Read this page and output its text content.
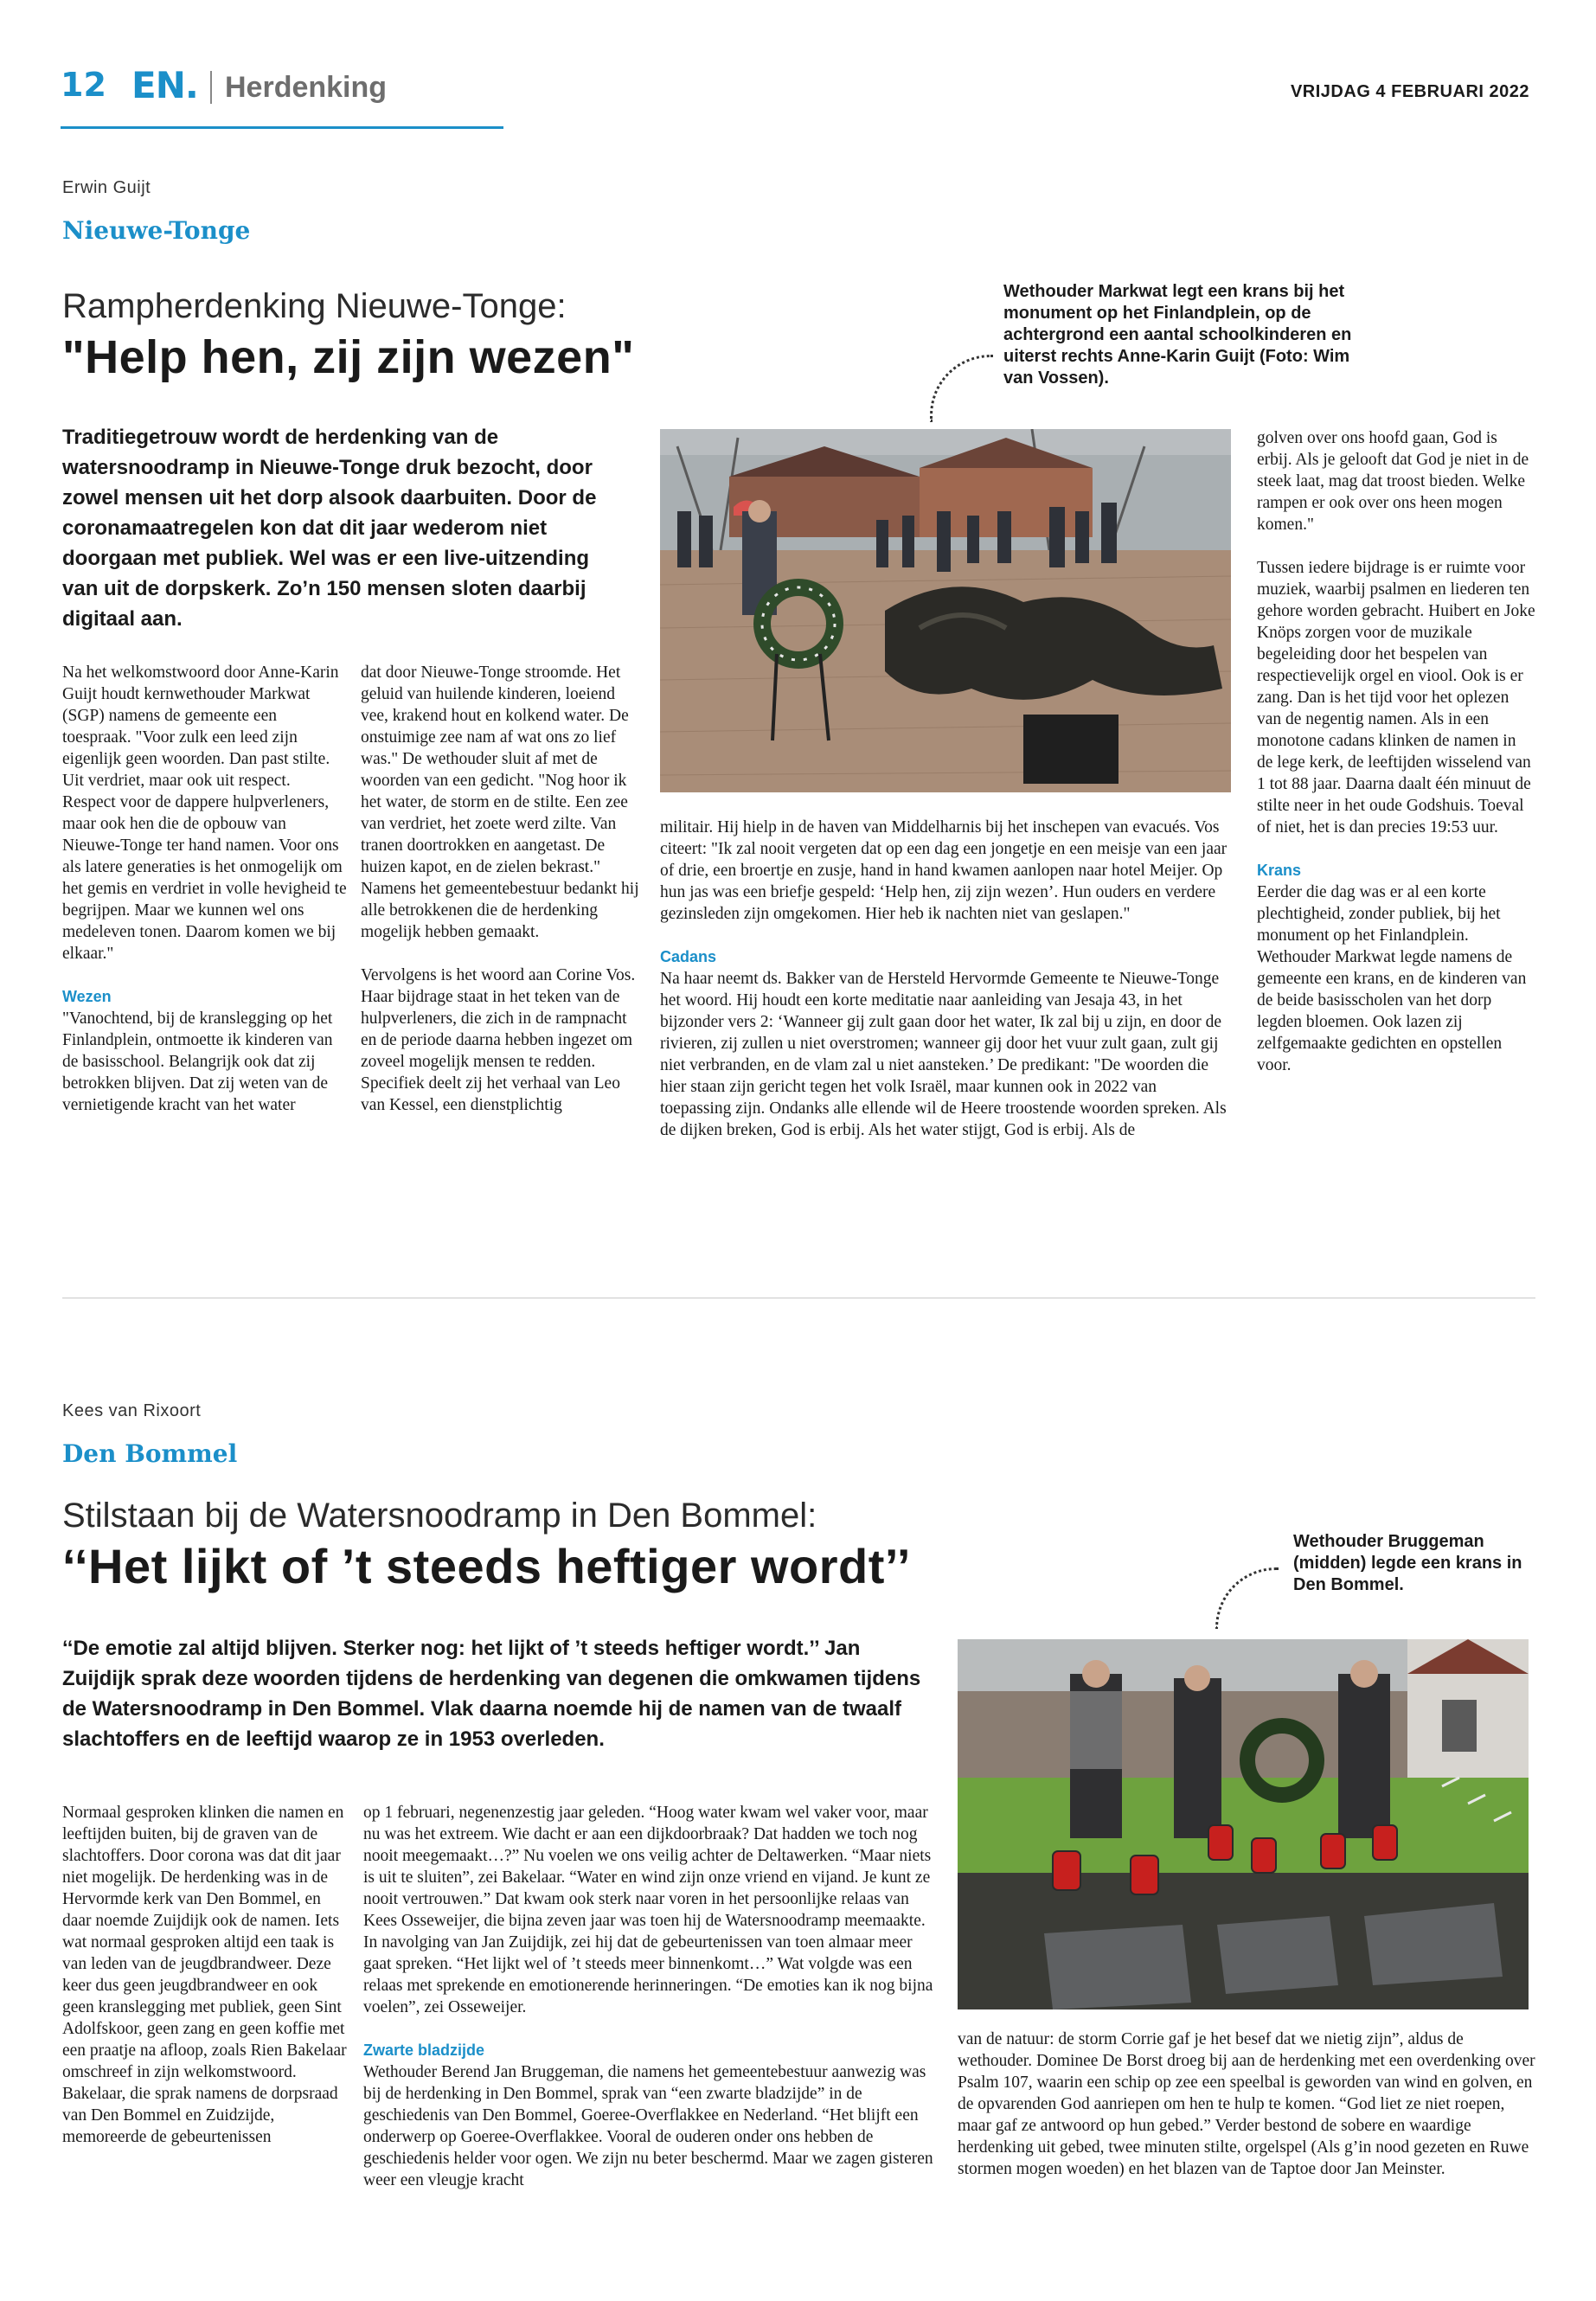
12 EN. Herdenking	VRIJDAG 4 FEBRUARI 2022
Erwin Guijt
Nieuwe-Tonge
Rampherdenking Nieuwe-Tonge:
"Help hen, zij zijn wezen"
Wethouder Markwat legt een krans bij het monument op het Finlandplein, op de achtergrond een aantal schoolkinderen en uiterst rechts Anne-Karin Guijt (Foto: Wim van Vossen).
Traditiegetrouw wordt de herdenking van de watersnoodramp in Nieuwe-Tonge druk bezocht, door zowel mensen uit het dorp alsook daarbuiten. Door de coronamaatregelen kon dat dit jaar wederom niet doorgaan met publiek. Wel was er een live-uitzending van uit de dorpskerk. Zo’n 150 mensen sloten daarbij digitaal aan.

Na het welkomstwoord door Anne-Karin Guijt houdt kernwethouder Markwat (SGP) namens de gemeente een toespraak. "Voor zulk een leed zijn eigenlijk geen woorden. Dan past stilte. Uit verdriet, maar ook uit respect. Respect voor de dappere hulpverleners, maar ook hen die de opbouw van Nieuwe-Tonge ter hand namen. Voor ons als latere generaties is het onmogelijk om het gemis en verdriet in volle hevigheid te begrijpen. Maar we kunnen wel ons medeleven tonen. Daarom komen we bij elkaar."

Wezen

"Vanochtend, bij de kranslegging op het Finlandplein, ontmoette ik kinderen van de basisschool. Belangrijk ook dat zij betrokken blijven. Dat zij weten van de vernietigende kracht van het water

dat door Nieuwe-Tonge stroomde. Het geluid van huilende kinderen, loeiend vee, krakend hout en kolkend water. De onstuimige zee nam af wat ons zo lief was." De wethouder sluit af met de woorden van een gedicht. "Nog hoor ik het water, de storm en de stilte. Een zee van verdriet, het zoete werd zilte. Van tranen doortrokken en aangetast. De huizen kapot, en de zielen bekrast." Namens het gemeentebestuur bedankt hij alle betrokkenen die de herdenking mogelijk hebben gemaakt.

Vervolgens is het woord aan Corine Vos. Haar bijdrage staat in het teken van de hulpverleners, die zich in de rampnacht en de periode daarna hebben ingezet om zoveel mogelijk mensen te redden. Specifiek deelt zij het verhaal van Leo van Kessel, een dienstplichtig

militair. Hij hielp in de haven van Middelharnis bij het inschepen van evacués. Vos citeert: "Ik zal nooit vergeten dat op een dag een jongetje en een meisje van een jaar of drie, een broertje en zusje, hand in hand kwamen aanlopen naar hotel Meijer. Op hun jas was een briefje gespeld: ‘Help hen, zij zijn wezen’. Hun ouders en verdere gezinsleden zijn omgekomen. Hier heb ik nachten niet van geslapen."

Cadans

Na haar neemt ds. Bakker van de Hersteld Hervormde Gemeente te Nieuwe-Tonge het woord. Hij houdt een korte meditatie naar aanleiding van Jesaja 43, in het bijzonder vers 2: ‘Wanneer gij zult gaan door het water, Ik zal bij u zijn, en door de rivieren, zij zullen u niet overstromen; wanneer gij door het vuur zult gaan, zult gij niet verbranden, en de vlam zal u niet aansteken.’ De predikant: "De woorden die hier staan zijn gericht tegen het volk Israël, maar kunnen ook in 2022 van toepassing zijn. Ondanks alle ellende wil de Heere troostende woorden spreken. Als de dijken breken, God is erbij. Als het water stijgt, God is erbij. Als de

golven over ons hoofd gaan, God is erbij. Als je gelooft dat God je niet in de steek laat, mag dat troost bieden. Welke rampen er ook over ons heen mogen komen."

Tussen iedere bijdrage is er ruimte voor muziek, waarbij psalmen en liederen ten gehore worden gebracht. Huibert en Joke Knöps zorgen voor de muzikale begeleiding door het bespelen van respectievelijk orgel en viool. Ook is er zang. Dan is het tijd voor het oplezen van de negentig namen. Als in een monotone cadans klinken de namen in de lege kerk, de leeftijden wisselend van 1 tot 88 jaar. Daarna daalt één minuut de stilte neer in het oude Godshuis. Toeval of niet, het is dan precies 19:53 uur.

Krans

Eerder die dag was er al een korte plechtigheid, zonder publiek, bij het monument op het Finlandplein. Wethouder Markwat legde namens de gemeente een krans, en de kinderen van de beide basisscholen van het dorp legden bloemen. Ook lazen zij zelfgemaakte gedichten en opstellen voor.

Kees van Rixoort
Den Bommel
Stilstaan bij de Watersnoodramp in Den Bommel:
‘‘Het lijkt of ’t steeds heftiger wordt’’	Wethouder Bruggeman (midden) legde een krans in Den Bommel.
‘‘De emotie zal altijd blijven. Sterker nog: het lijkt of ’t steeds heftiger wordt.’’ Jan Zuijdijk sprak deze woorden tijdens de herdenking van degenen die omkwamen tijdens de Watersnoodramp in Den Bommel. Vlak daarna noemde hij de namen van de twaalf slachtoffers en de leeftijd waarop ze in 1953 overleden.

Normaal gesproken klinken die namen en leeftijden buiten, bij de graven van de slachtoffers. Door corona was dat dit jaar niet mogelijk. De herdenking was in de Hervormde kerk van Den Bommel, en daar noemde Zuijdijk ook de namen. Iets wat normaal gesproken altijd een taak is van leden van de jeugdbrandweer. Deze keer dus geen jeugdbrandweer en ook geen kranslegging met publiek, geen Sint Adolfskoor, geen zang en geen koffie met een praatje na afloop, zoals Rien Bakelaar omschreef in zijn welkomstwoord. Bakelaar, die sprak namens de dorpsraad van Den Bommel en Zuidzijde, memoreerde de gebeurtenissen

op 1 februari, negenenzestig jaar geleden. “Hoog water kwam wel vaker voor, maar nu was het extreem. Wie dacht er aan een dijkdoorbraak? Dat hadden we toch nog nooit meegemaakt…?” Nu voelen we ons veilig achter de Deltawerken. “Maar niets is uit te sluiten”, zei Bakelaar. “Water en wind zijn onze vriend en vijand. Je kunt ze nooit vertrouwen.” Dat kwam ook sterk naar voren in het persoonlijke relaas van Kees Osseweijer, die bijna zeven jaar was toen hij de Watersnoodramp meemaakte. In navolging van Jan Zuijdijk, zei hij dat de gebeurtenissen van toen almaar meer gaat spreken. “Het lijkt wel of ’t steeds meer binnenkomt…” Wat volgde was een relaas met sprekende en emotionerende herinneringen. “De emoties kan ik nog bijna voelen”, zei Osseweijer.

Zwarte bladzijde

Wethouder Berend Jan Bruggeman, die namens het gemeentebestuur aanwezig was bij de herdenking in Den Bommel, sprak van “een zwarte bladzijde” in de geschiedenis van Den Bommel, Goeree-Overflakkee en Nederland. “Het blijft een onderwerp op Goeree-Overflakkee. Vooral de ouderen onder ons hebben de geschiedenis helder voor ogen. We zijn nu beter beschermd. Maar we zagen gisteren weer een vleugje kracht

van de natuur: de storm Corrie gaf je het besef dat we nietig zijn”, aldus de wethouder. Dominee De Borst droeg bij aan de herdenking met een overdenking over Psalm 107, waarin een schip op zee een speelbal is geworden van wind en golven, en de opvarenden God aanriepen om hen te hulp te komen. “God liet ze niet roepen, maar gaf ze antwoord op hun gebed.” Verder bestond de sobere en waardige herdenking uit gebed, twee minuten stilte, orgelspel (Als g’in nood gezeten en Ruwe stormen mogen woeden) en het blazen van de Taptoe door Jan Meinster.
